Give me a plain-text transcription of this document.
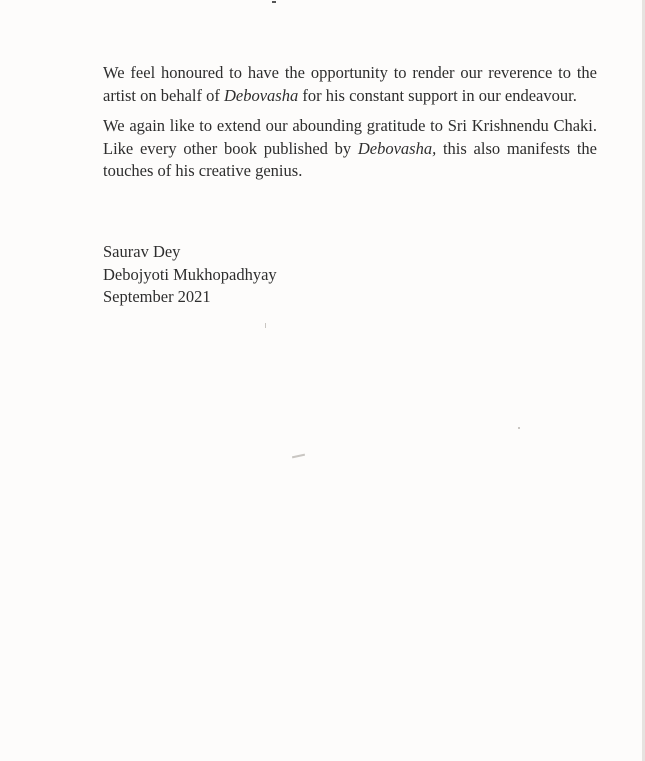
We feel honoured to have the opportunity to render our reverence to the artist on behalf of Debovasha for his constant support in our endeavour.

We again like to extend our abounding gratitude to Sri Krishnendu Chaki. Like every other book published by Debovasha, this also manifests the touches of his creative genius.

Saurav Dey
Debojyoti Mukhopadhyay
September 2021
